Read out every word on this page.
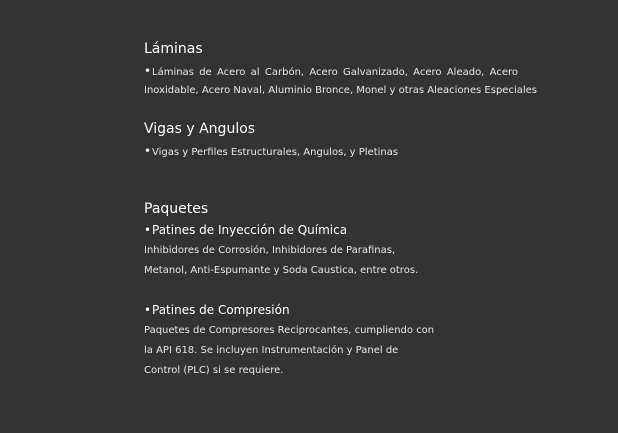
Láminas
•Láminas de Acero al Carbón, Acero Galvanizado, Acero Aleado, Acero
Inoxidable, Acero Naval, Aluminio Bronce, Monel y otras Aleaciones Especiales
Vigas y Angulos
•Vigas y Perfiles Estructurales, Angulos, y Pletinas
Paquetes
•Patines de Inyección de Química
Inhibidores de Corrosión, Inhibidores de Parafinas,
Metanol, Anti-Espumante y Soda Caustica, entre otros.
•Patines de Compresión
Paquetes de Compresores Reciprocantes, cumpliendo con
la API 618. Se incluyen Instrumentación y Panel de
Control (PLC) si se requiere.
